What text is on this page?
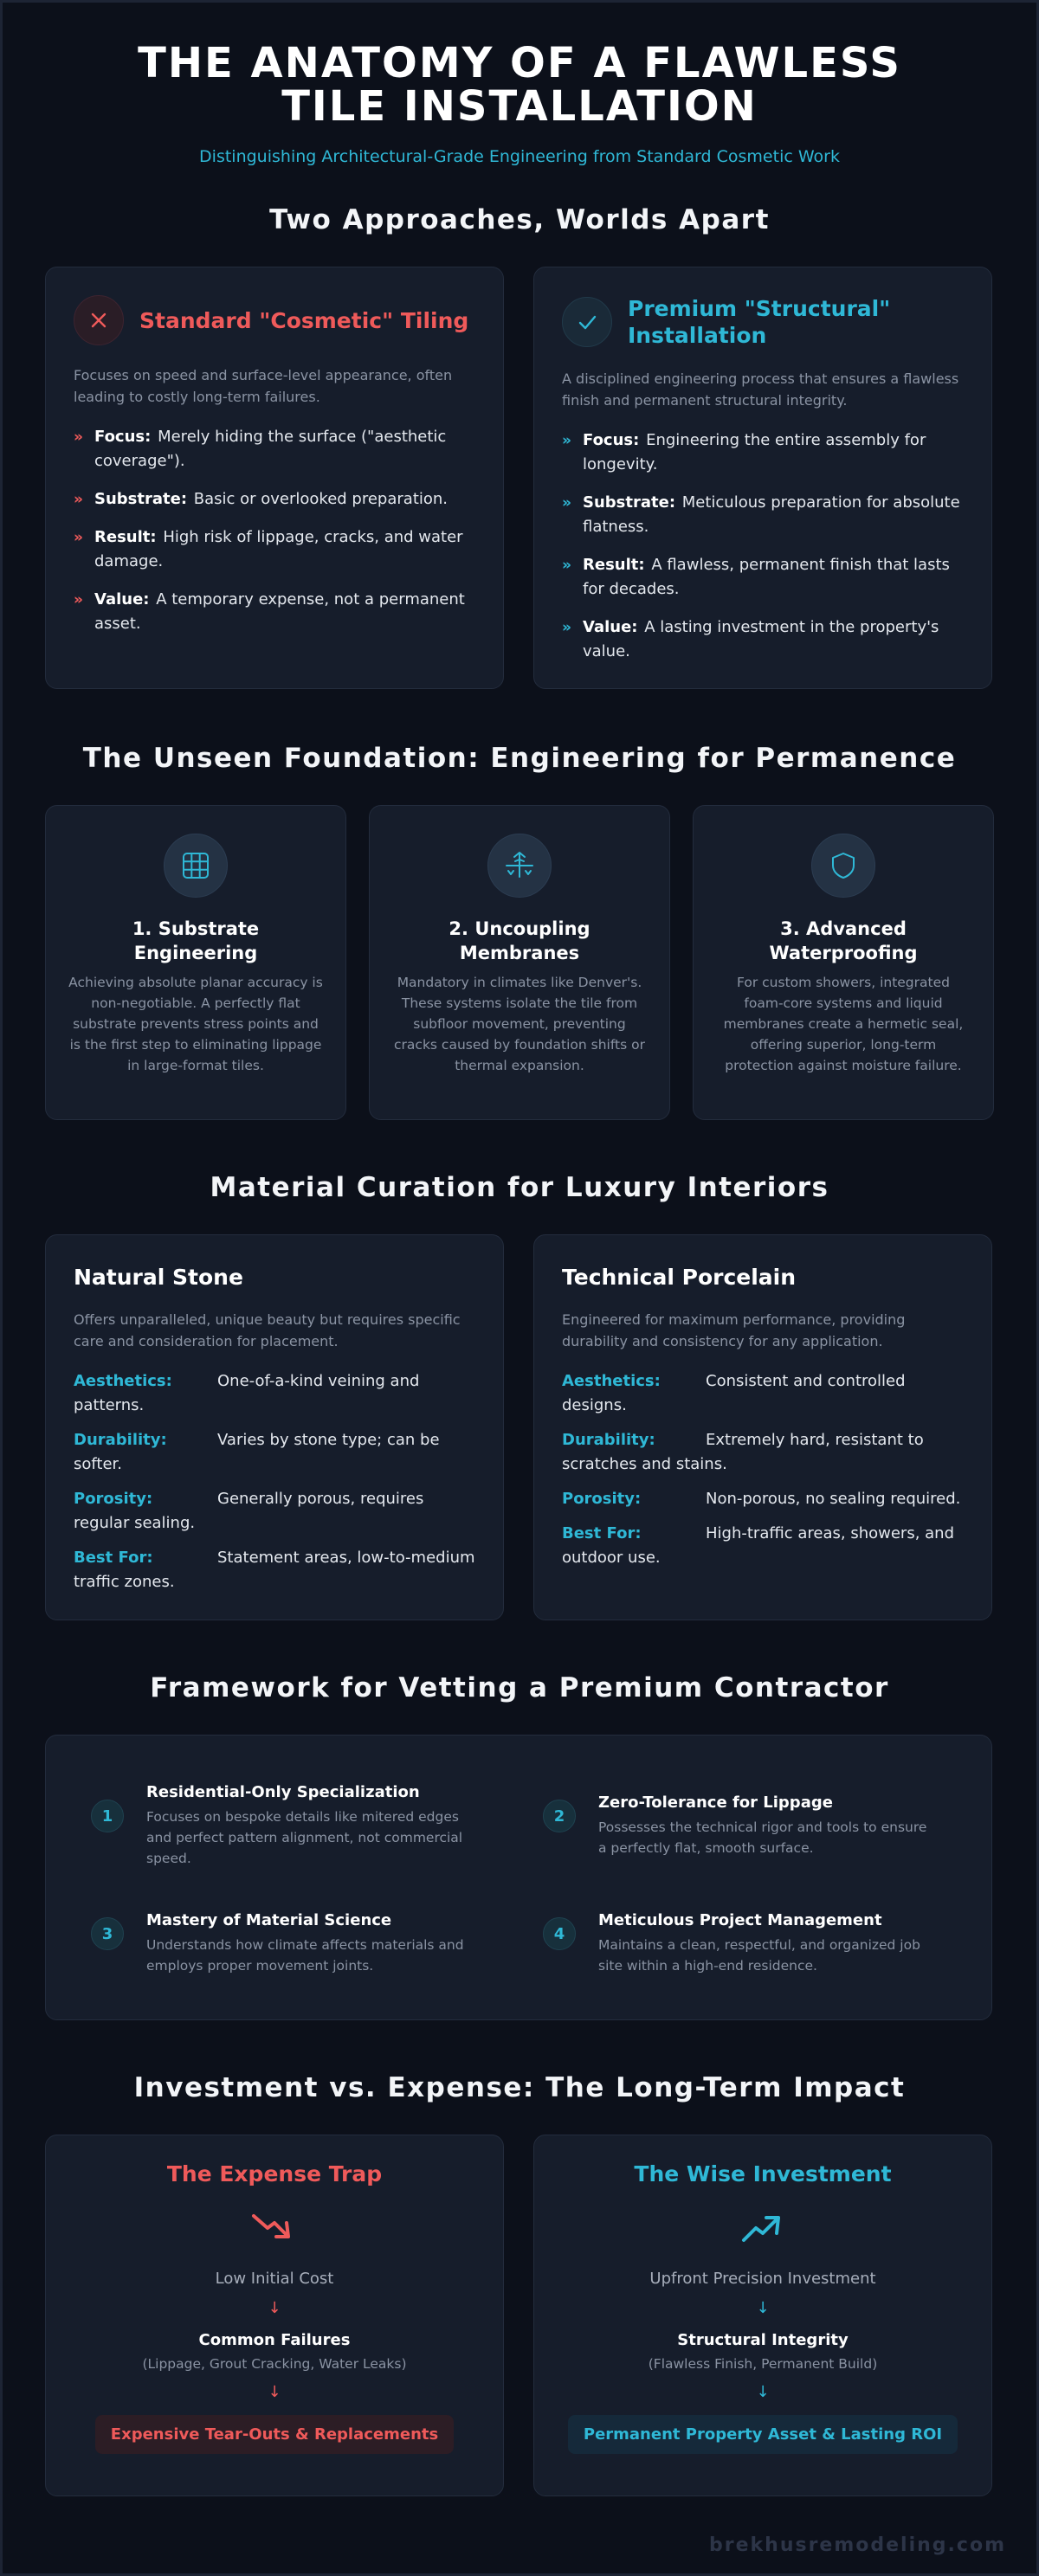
THE ANATOMY OF A FLAWLESS TILE INSTALLATION
Distinguishing Architectural-Grade Engineering from Standard Cosmetic Work
Two Approaches, Worlds Apart
Standard "Cosmetic" Tiling
Focuses on speed and surface-level appearance, often leading to costly long-term failures.
» Focus: Merely hiding the surface ("aesthetic coverage").
» Substrate: Basic or overlooked preparation.
» Result: High risk of lippage, cracks, and water damage.
» Value: A temporary expense, not a permanent asset.
Premium "Structural" Installation
A disciplined engineering process that ensures a flawless finish and permanent structural integrity.
» Focus: Engineering the entire assembly for longevity.
» Substrate: Meticulous preparation for absolute flatness.
» Result: A flawless, permanent finish that lasts for decades.
» Value: A lasting investment in the property's value.
The Unseen Foundation: Engineering for Permanence
1. Substrate Engineering
Achieving absolute planar accuracy is non-negotiable. A perfectly flat substrate prevents stress points and is the first step to eliminating lippage in large-format tiles.
2. Uncoupling Membranes
Mandatory in climates like Denver's. These systems isolate the tile from subfloor movement, preventing cracks caused by foundation shifts or thermal expansion.
3. Advanced Waterproofing
For custom showers, integrated foam-core systems and liquid membranes create a hermetic seal, offering superior, long-term protection against moisture failure.
Material Curation for Luxury Interiors
Natural Stone
Offers unparalleled, unique beauty but requires specific care and consideration for placement.
Aesthetics:	One-of-a-kind veining and patterns.
Durability:	Varies by stone type; can be softer.
Porosity:	Generally porous, requires regular sealing.
Best For:	Statement areas, low-to-medium traffic zones.
Technical Porcelain
Engineered for maximum performance, providing durability and consistency for any application.
Aesthetics:	Consistent and controlled designs.
Durability:	Extremely hard, resistant to scratches and stains.
Porosity:	Non-porous, no sealing required.
Best For:	High-traffic areas, showers, and outdoor use.
Framework for Vetting a Premium Contractor
1
Residential-Only Specialization
Focuses on bespoke details like mitered edges and perfect pattern alignment, not commercial speed.
2
Zero-Tolerance for Lippage
Possesses the technical rigor and tools to ensure a perfectly flat, smooth surface.
3
Mastery of Material Science
Understands how climate affects materials and employs proper movement joints.
4
Meticulous Project Management
Maintains a clean, respectful, and organized job site within a high-end residence.
Investment vs. Expense: The Long-Term Impact
The Expense Trap
Low Initial Cost
↓
Common Failures
(Lippage, Grout Cracking, Water Leaks)
↓
Expensive Tear-Outs & Replacements
The Wise Investment
Upfront Precision Investment
↓
Structural Integrity
(Flawless Finish, Permanent Build)
↓
Permanent Property Asset & Lasting ROI
brekhusremodeling.com
